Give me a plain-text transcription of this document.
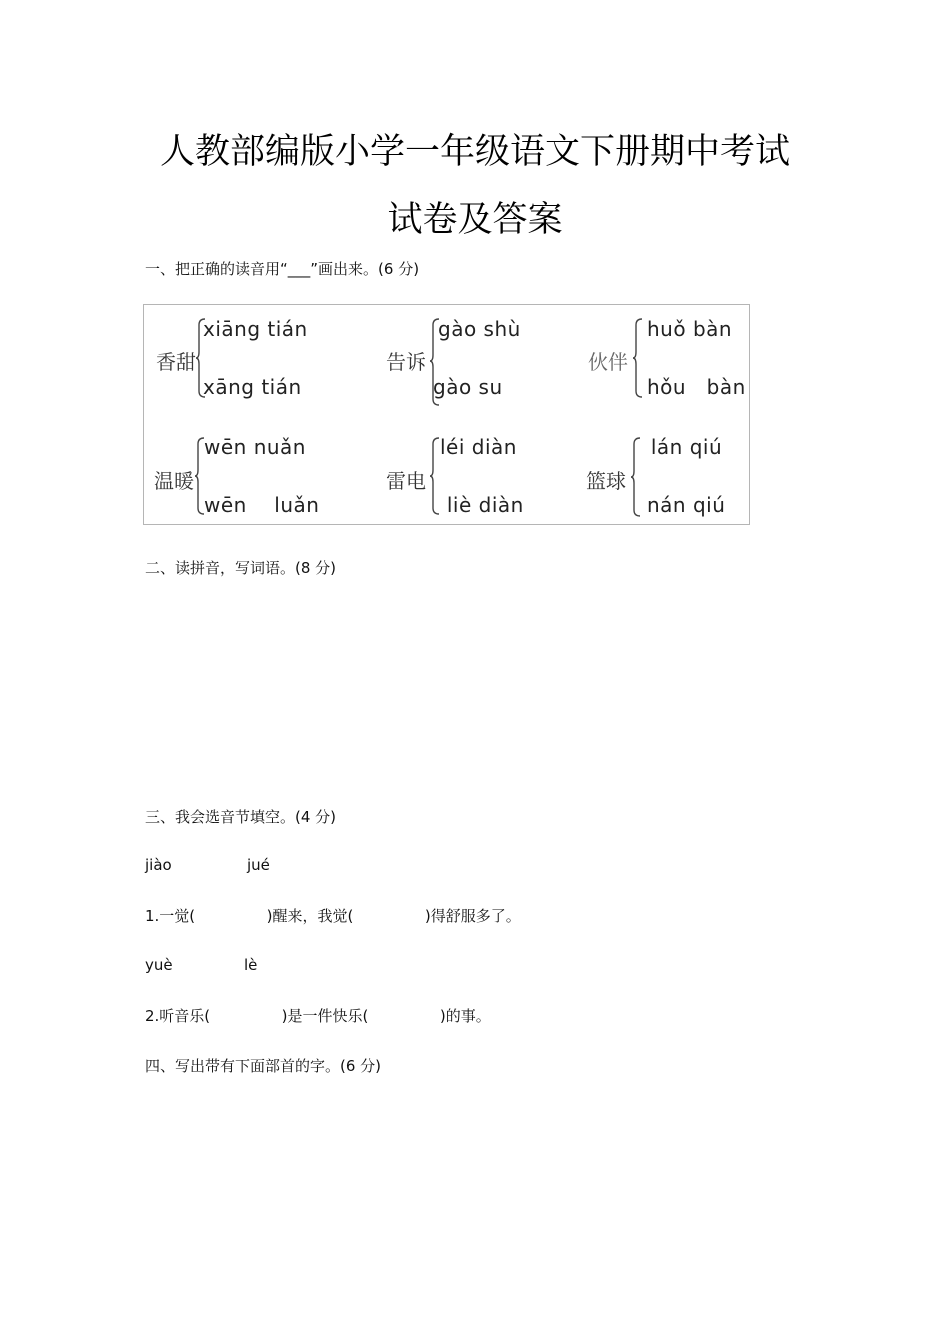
人教部编版小学一年级语文下册期中考试
试卷及答案
一、把正确的读音用“___”画出来。(6 分)
香甜
xiāng tián
xāng tián
告诉
gào shù
gào su
伙伴
huǒ bàn
hǒu   bàn
温暖
wēn nuǎn
wēn    luǎn
雷电
léi diàn
liè diàn
篮球
lán qiú
nán qiú
二、读拼音，写词语。(8 分)
三、我会选音节填空。(4 分)
jiào	jué
1.一觉(               )醒来，我觉(               )得舒服多了。
yuè	lè
2.听音乐(               )是一件快乐(               )的事。
四、写出带有下面部首的字。(6 分)
